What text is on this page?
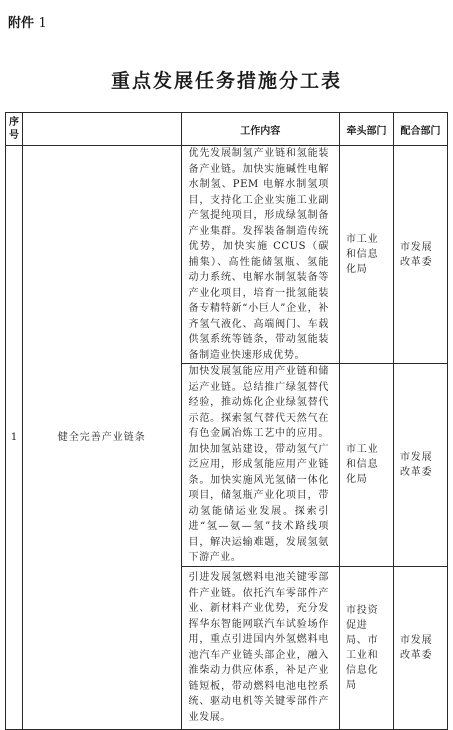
附件 1
重点发展任务措施分工表
序号		工作内容	牵头部门	配合部门
1	健全完善产业链条	优先发展制氢产业链和氢能装备产业链。加快实施碱性电解水制氢、PEM 电解水制氢项目，支持化工企业实施工业副产氢提纯项目，形成绿氢制备产业集群。发挥装备制造传统优势，加快实施 CCUS（碳捕集）、高性能储氢瓶、氢能动力系统、电解水制氢装备等产业化项目，培育一批氢能装备专精特新“小巨人”企业，补齐氢气液化、高端阀门、车载供氢系统等链条，带动氢能装备制造业快速形成优势。	市工业和信息化局	市发展改革委
		加快发展氢能应用产业链和储运产业链。总结推广绿氢替代经验，推动炼化企业绿氢替代示范。探索氢气替代天然气在有色金属冶炼工艺中的应用。加快加氢站建设，带动氢气广泛应用，形成氢能应用产业链条。加快实施风光氢储一体化项目，储氢瓶产业化项目，带动氢能储运业发展。探索引进“氢—氨—氢”技术路线项目，解决运输难题，发展氢氨下游产业。	市工业和信息化局	市发展改革委
		引进发展氢燃料电池关键零部件产业链。依托汽车零部件产业、新材料产业优势，充分发挥华东智能网联汽车试验场作用，重点引进国内外氢燃料电池汽车产业链头部企业，融入淮柴动力供应体系，补足产业链短板，带动燃料电池电控系统、驱动电机等关键零部件产业发展。	市投资促进局、市工业和信息化局	市发展改革委
